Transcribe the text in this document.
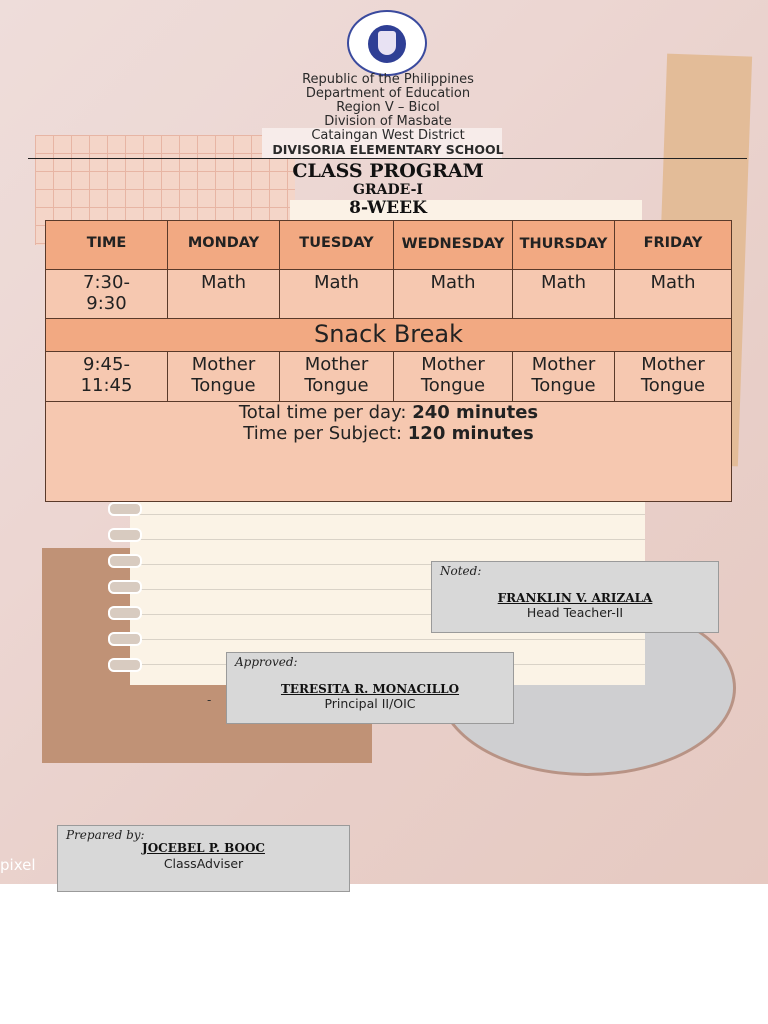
pixel
Republic of the Philippines
Department of Education
Region V – Bicol
Division of Masbate
Cataingan West District
DIVISORIA ELEMENTARY SCHOOL
CLASS PROGRAM
GRADE-I
8-WEEK
TIME	MONDAY	TUESDAY	WEDNESDAY	THURSDAY	FRIDAY
7:30-9:30	Math	Math	Math	Math	Math
Snack Break					
9:45-11:45	Mother Tongue	Mother Tongue	Mother Tongue	Mother Tongue	Mother Tongue

Total time per day: 240 minutes
Time per Subject: 120 minutes					
Noted:
FRANKLIN V. ARIZALA
Head Teacher-II
Approved:
TERESITA R. MONACILLO
Principal II/OIC
-
Prepared by:
JOCEBEL P. BOOC
ClassAdviser
